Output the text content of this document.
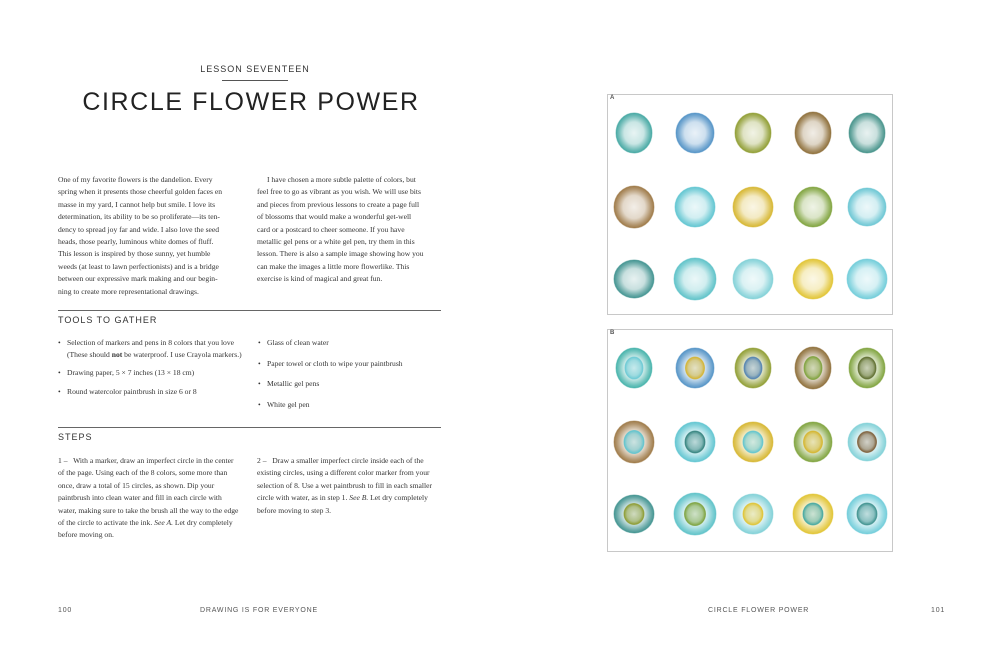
LESSON SEVENTEEN
CIRCLE FLOWER POWER

One of my favorite flowers is the dandelion. Every

spring when it presents those cheerful golden faces en

masse in my yard, I cannot help but smile. I love its

determination, its ability to be so proliferate—its ten-

dency to spread joy far and wide. I also love the seed

heads, those pearly, luminous white domes of fluff.

This lesson is inspired by those sunny, yet humble

weeds (at least to lawn perfectionists) and is a bridge

between our expressive mark making and our begin-

ning to create more representational drawings.

I have chosen a more subtle palette of colors, but

feel free to go as vibrant as you wish. We will use bits

and pieces from previous lessons to create a page full

of blossoms that would make a wonderful get-well

card or a postcard to cheer someone. If you have

metallic gel pens or a white gel pen, try them in this

lesson. There is also a sample image showing how you

can make the images a little more flowerlike. This

exercise is kind of magical and great fun.

TOOLS TO GATHER
• Selection of markers and pens in 8 colors that you love (These should not be waterproof. I use Crayola markers.)
• Drawing paper, 5 × 7 inches (13 × 18 cm)
• Round watercolor paintbrush in size 6 or 8
• Glass of clean water
• Paper towel or cloth to wipe your paintbrush
• Metallic gel pens
• White gel pen
STEPS
1 – With a marker, draw an imperfect circle in the center of the page. Using each of the 8 colors, some more than once, draw a total of 15 circles, as shown. Dip your paintbrush into clean water and fill in each circle with water, making sure to take the brush all the way to the edge of the circle to activate the ink. See A. Let dry completely before moving on.
2 – Draw a smaller imperfect circle inside each of the existing circles, using a different color marker from your selection of 8. Use a wet paintbrush to fill in each smaller circle with water, as in step 1. See B. Let dry completely before moving to step 3.
100	DRAWING IS FOR EVERYONE
A
B
CIRCLE FLOWER POWER	101
